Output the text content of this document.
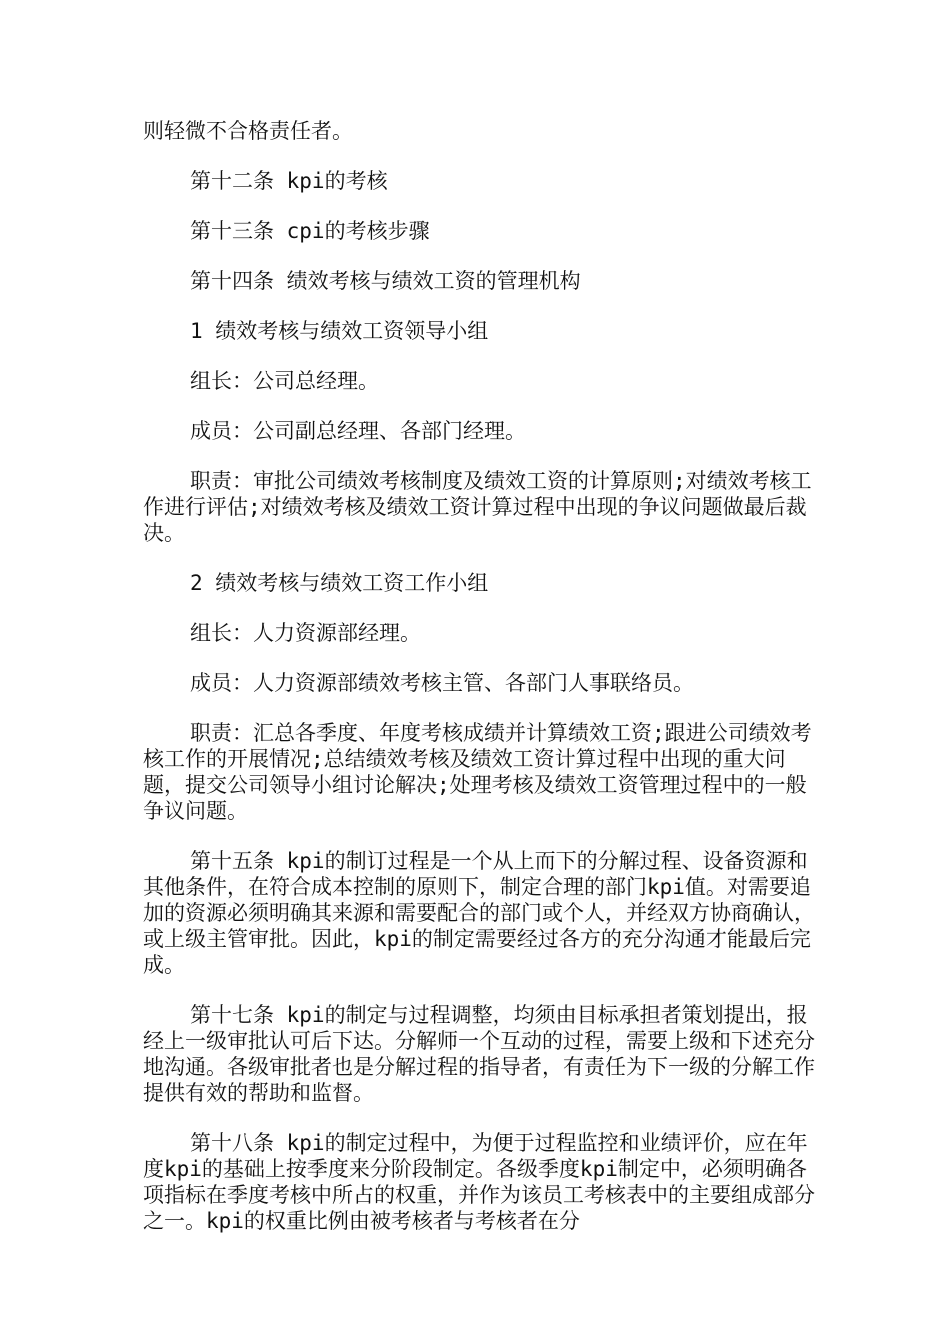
则轻微不合格责任者。

第十二条 kpi的考核

第十三条 cpi的考核步骤

第十四条 绩效考核与绩效工资的管理机构

1 绩效考核与绩效工资领导小组

组长：公司总经理。

成员：公司副总经理、各部门经理。

职责：审批公司绩效考核制度及绩效工资的计算原则;对绩效考核工作进行评估;对绩效考核及绩效工资计算过程中出现的争议问题做最后裁决。

2 绩效考核与绩效工资工作小组

组长：人力资源部经理。

成员：人力资源部绩效考核主管、各部门人事联络员。

职责：汇总各季度、年度考核成绩并计算绩效工资;跟进公司绩效考核工作的开展情况;总结绩效考核及绩效工资计算过程中出现的重大问题，提交公司领导小组讨论解决;处理考核及绩效工资管理过程中的一般争议问题。

第十五条 kpi的制订过程是一个从上而下的分解过程、设备资源和其他条件，在符合成本控制的原则下，制定合理的部门kpi值。对需要追加的资源必须明确其来源和需要配合的部门或个人，并经双方协商确认，或上级主管审批。因此，kpi的制定需要经过各方的充分沟通才能最后完成。

第十七条 kpi的制定与过程调整，均须由目标承担者策划提出，报经上一级审批认可后下达。分解师一个互动的过程，需要上级和下述充分地沟通。各级审批者也是分解过程的指导者，有责任为下一级的分解工作提供有效的帮助和监督。

第十八条 kpi的制定过程中，为便于过程监控和业绩评价，应在年度kpi的基础上按季度来分阶段制定。各级季度kpi制定中，必须明确各项指标在季度考核中所占的权重，并作为该员工考核表中的主要组成部分之一。kpi的权重比例由被考核者与考核者在分
